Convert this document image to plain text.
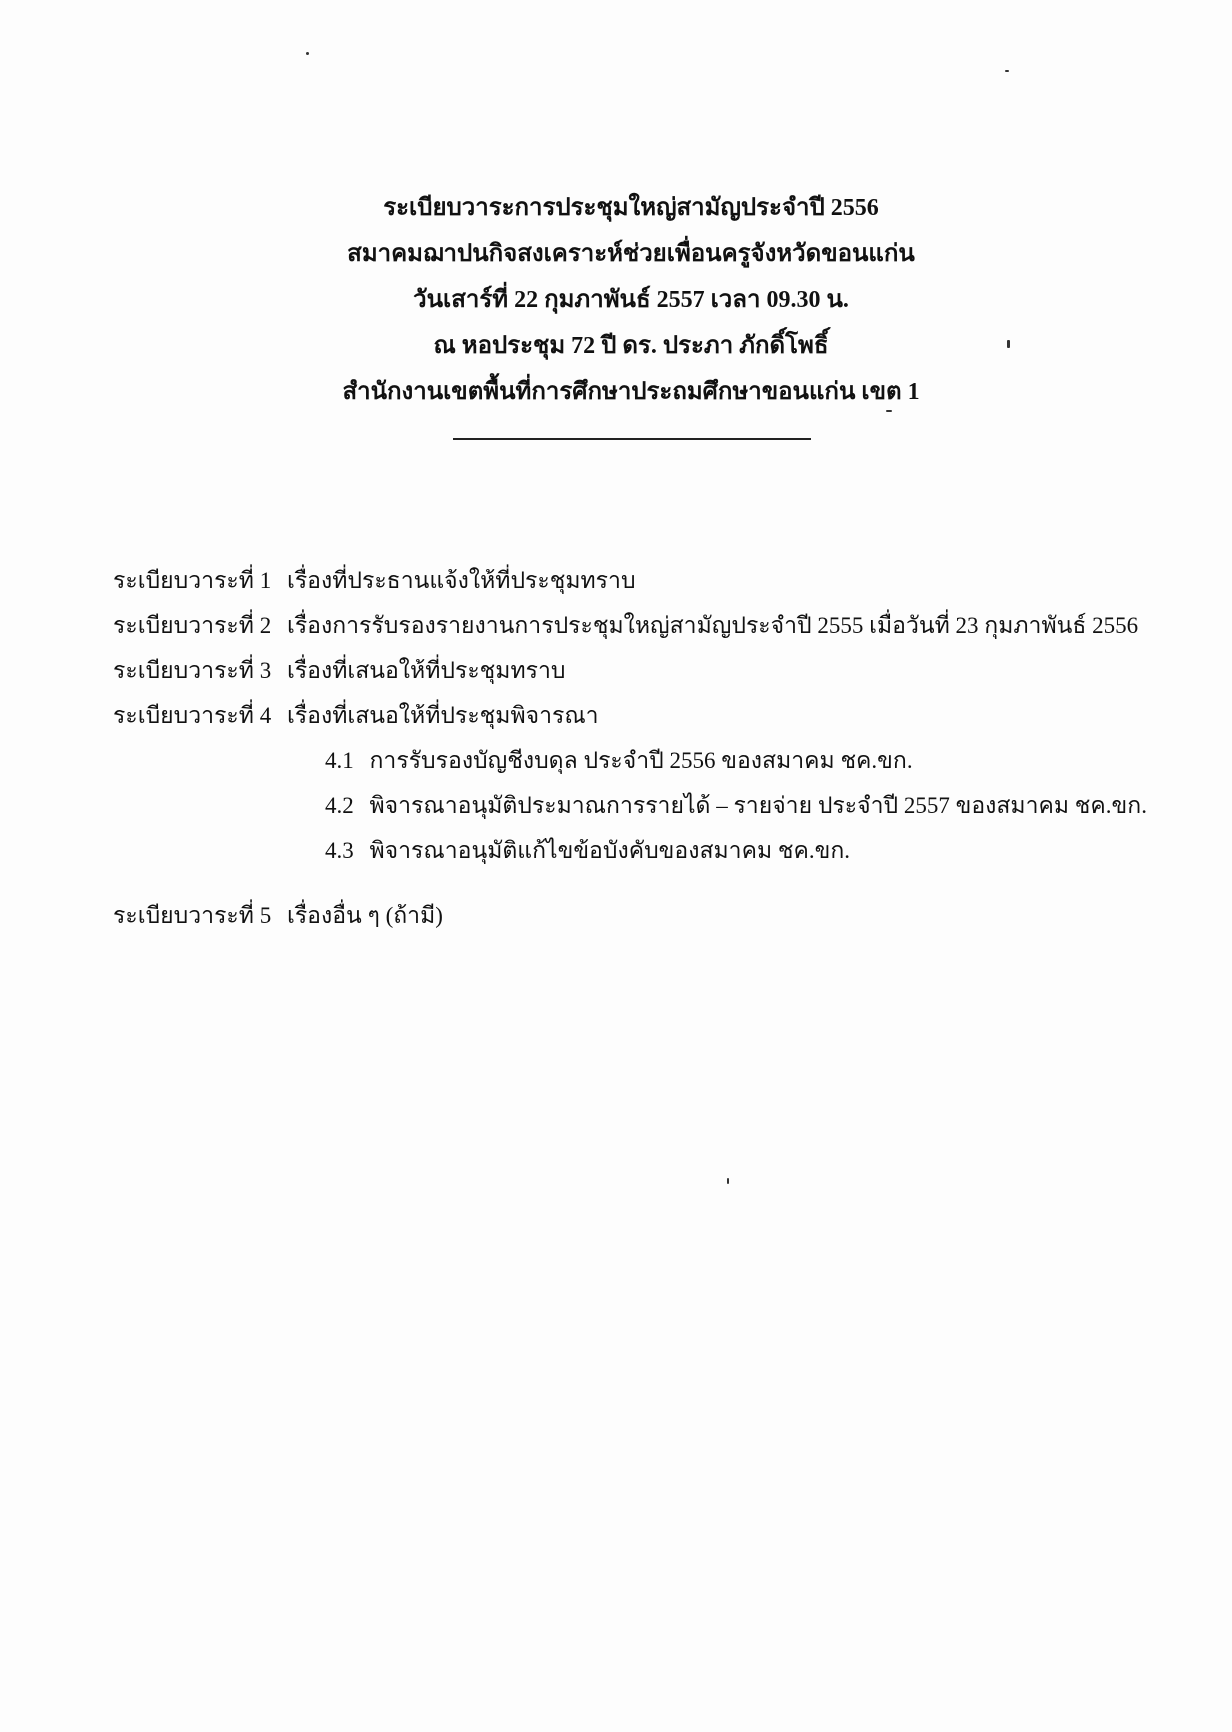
ระเบียบวาระการประชุมใหญ่สามัญประจำปี 2556
สมาคมฌาปนกิจสงเคราะห์ช่วยเพื่อนครูจังหวัดขอนแก่น
วันเสาร์ที่ 22 กุมภาพันธ์ 2557 เวลา 09.30 น.
ณ หอประชุม 72 ปี ดร. ประภา ภักดิ์โพธิ์
สำนักงานเขตพื้นที่การศึกษาประถมศึกษาขอนแก่น เขต 1
ระเบียบวาระที่ 1 เรื่องที่ประธานแจ้งให้ที่ประชุมทราบ
ระเบียบวาระที่ 2 เรื่องการรับรองรายงานการประชุมใหญ่สามัญประจำปี 2555 เมื่อวันที่ 23 กุมภาพันธ์ 2556
ระเบียบวาระที่ 3 เรื่องที่เสนอให้ที่ประชุมทราบ
ระเบียบวาระที่ 4 เรื่องที่เสนอให้ที่ประชุมพิจารณา
4.1 การรับรองบัญชีงบดุล ประจำปี 2556 ของสมาคม ชค.ขก.
4.2 พิจารณาอนุมัติประมาณการรายได้ – รายจ่าย ประจำปี 2557 ของสมาคม ชค.ขก.
4.3 พิจารณาอนุมัติแก้ไขข้อบังคับของสมาคม ชค.ขก.
ระเบียบวาระที่ 5 เรื่องอื่น ๆ (ถ้ามี)
